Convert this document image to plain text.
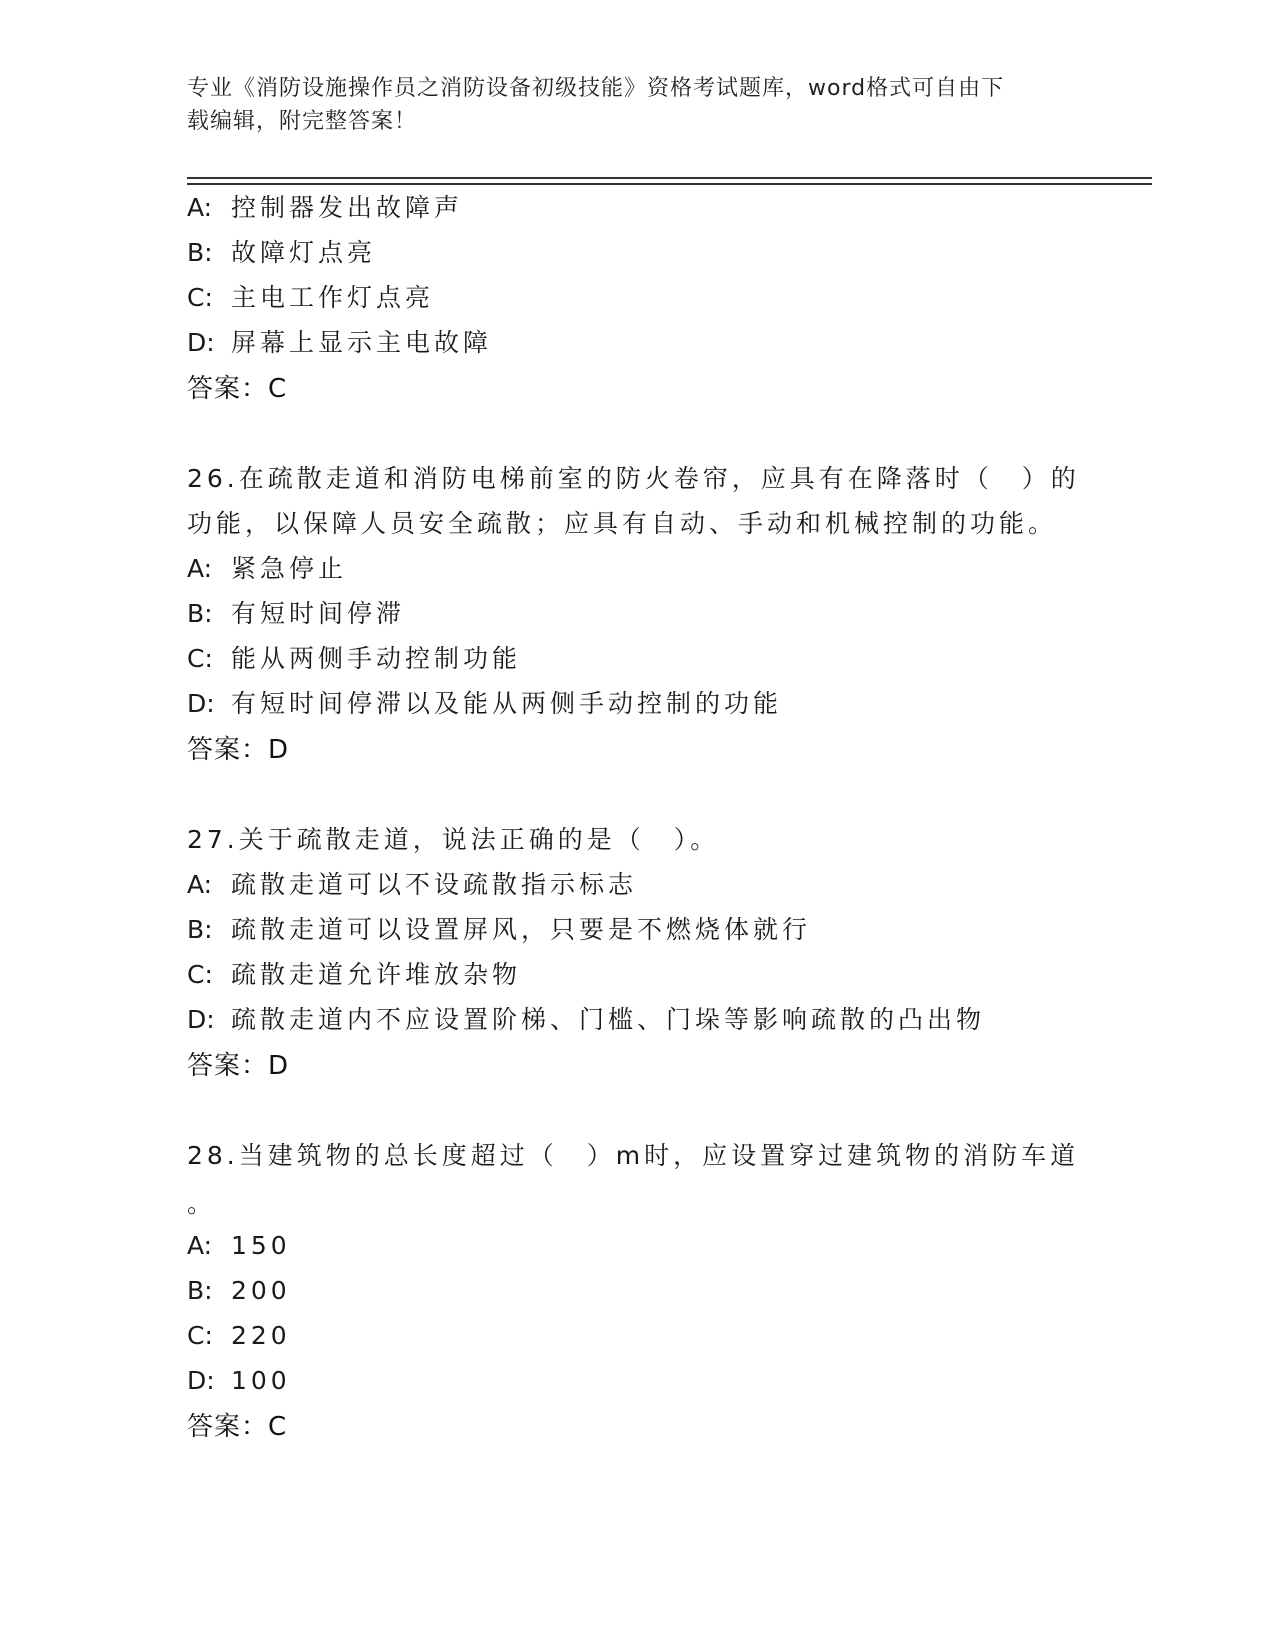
专业《消防设施操作员之消防设备初级技能》资格考试题库，word格式可自由下
载编辑，附完整答案！
A: 控制器发出故障声
B: 故障灯点亮
C: 主电工作灯点亮
D: 屏幕上显示主电故障
答案：C
26.在疏散走道和消防电梯前室的防火卷帘，应具有在降落时（　）的
功能，以保障人员安全疏散；应具有自动、手动和机械控制的功能。
A: 紧急停止
B: 有短时间停滞
C: 能从两侧手动控制功能
D: 有短时间停滞以及能从两侧手动控制的功能
答案：D
27.关于疏散走道，说法正确的是（　）。
A: 疏散走道可以不设疏散指示标志
B: 疏散走道可以设置屏风，只要是不燃烧体就行
C: 疏散走道允许堆放杂物
D: 疏散走道内不应设置阶梯、门槛、门垛等影响疏散的凸出物
答案：D
28.当建筑物的总长度超过（　）m时，应设置穿过建筑物的消防车道
。
A: 150
B: 200
C: 220
D: 100
答案：C
